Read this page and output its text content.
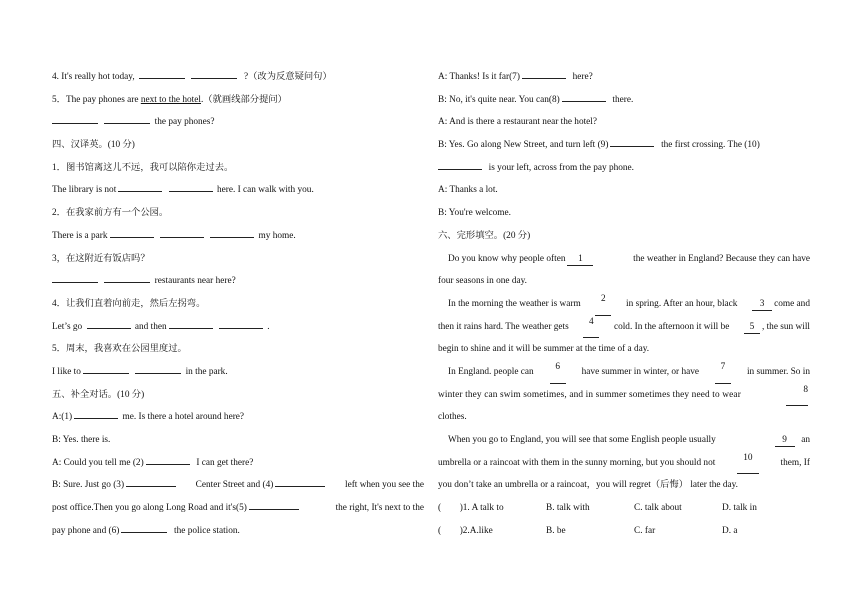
4. It's really hot today,	?（改为反意疑问句）
5．The pay phones are next to the hotel.（就画线部分提问）
the pay phones?
四、汉译英。(10 分)
1．图书馆离这儿不远，我可以陪你走过去。
The library is not	here. I can walk with you.
2．在我家前方有一个公园。
There is a park	my home.
3，在这附近有饭店吗？
restaurants near here?
4．让我们直着向前走，然后左拐弯。
Let’s go	and then	.
5．周末，我喜欢在公园里度过。
I like to	in the park.
五、补全对话。(10 分)
A:(1)	me. Is there a hotel around here?
B: Yes. there is.
A: Could you tell me (2)	I can get there?
B: Sure. Just go (3)	Center Street and (4)	left when you see the
post office.Then you go along Long Road and it's(5)	the right, It's next to the
pay phone and (6)	the police station.
A: Thanks! Is it far(7)	here?
B: No, it's quite near. You can(8)	there.
A: And is there a restaurant near the hotel?
B: Yes. Go along New Street, and turn left (9)	the first crossing. The (10)
is your left, across from the pay phone.
A: Thanks a lot.
B: You're welcome.
六、完形填空。(20 分)
Do you know why people often 1	the weather in England? Because they can have
four seasons in one day.
In the morning the weather is warm	2	in spring. After an hour, black	3 come and
then it rains hard. The weather gets	4	cold. In the afternoon it will be	5 , the sun will
begin to shine and it will be summer at the time of a day.
In England. people can	6	have summer in winter, or have	7	in summer. So in
winter they can swim sometimes, and in summer sometimes they need to wear	8
clothes.
When you go to England, you will see that some English people usually	9 an
umbrella or a raincoat with them in the sunny morning, but you should not	10	them, If
you don’t take an umbrella or a raincoat，you will regret（后悔） later the day.
(　　)1. A talk to	B. talk with	C. talk about	D. talk in
(　　)2.A.like	B. be	C. far	D. a
